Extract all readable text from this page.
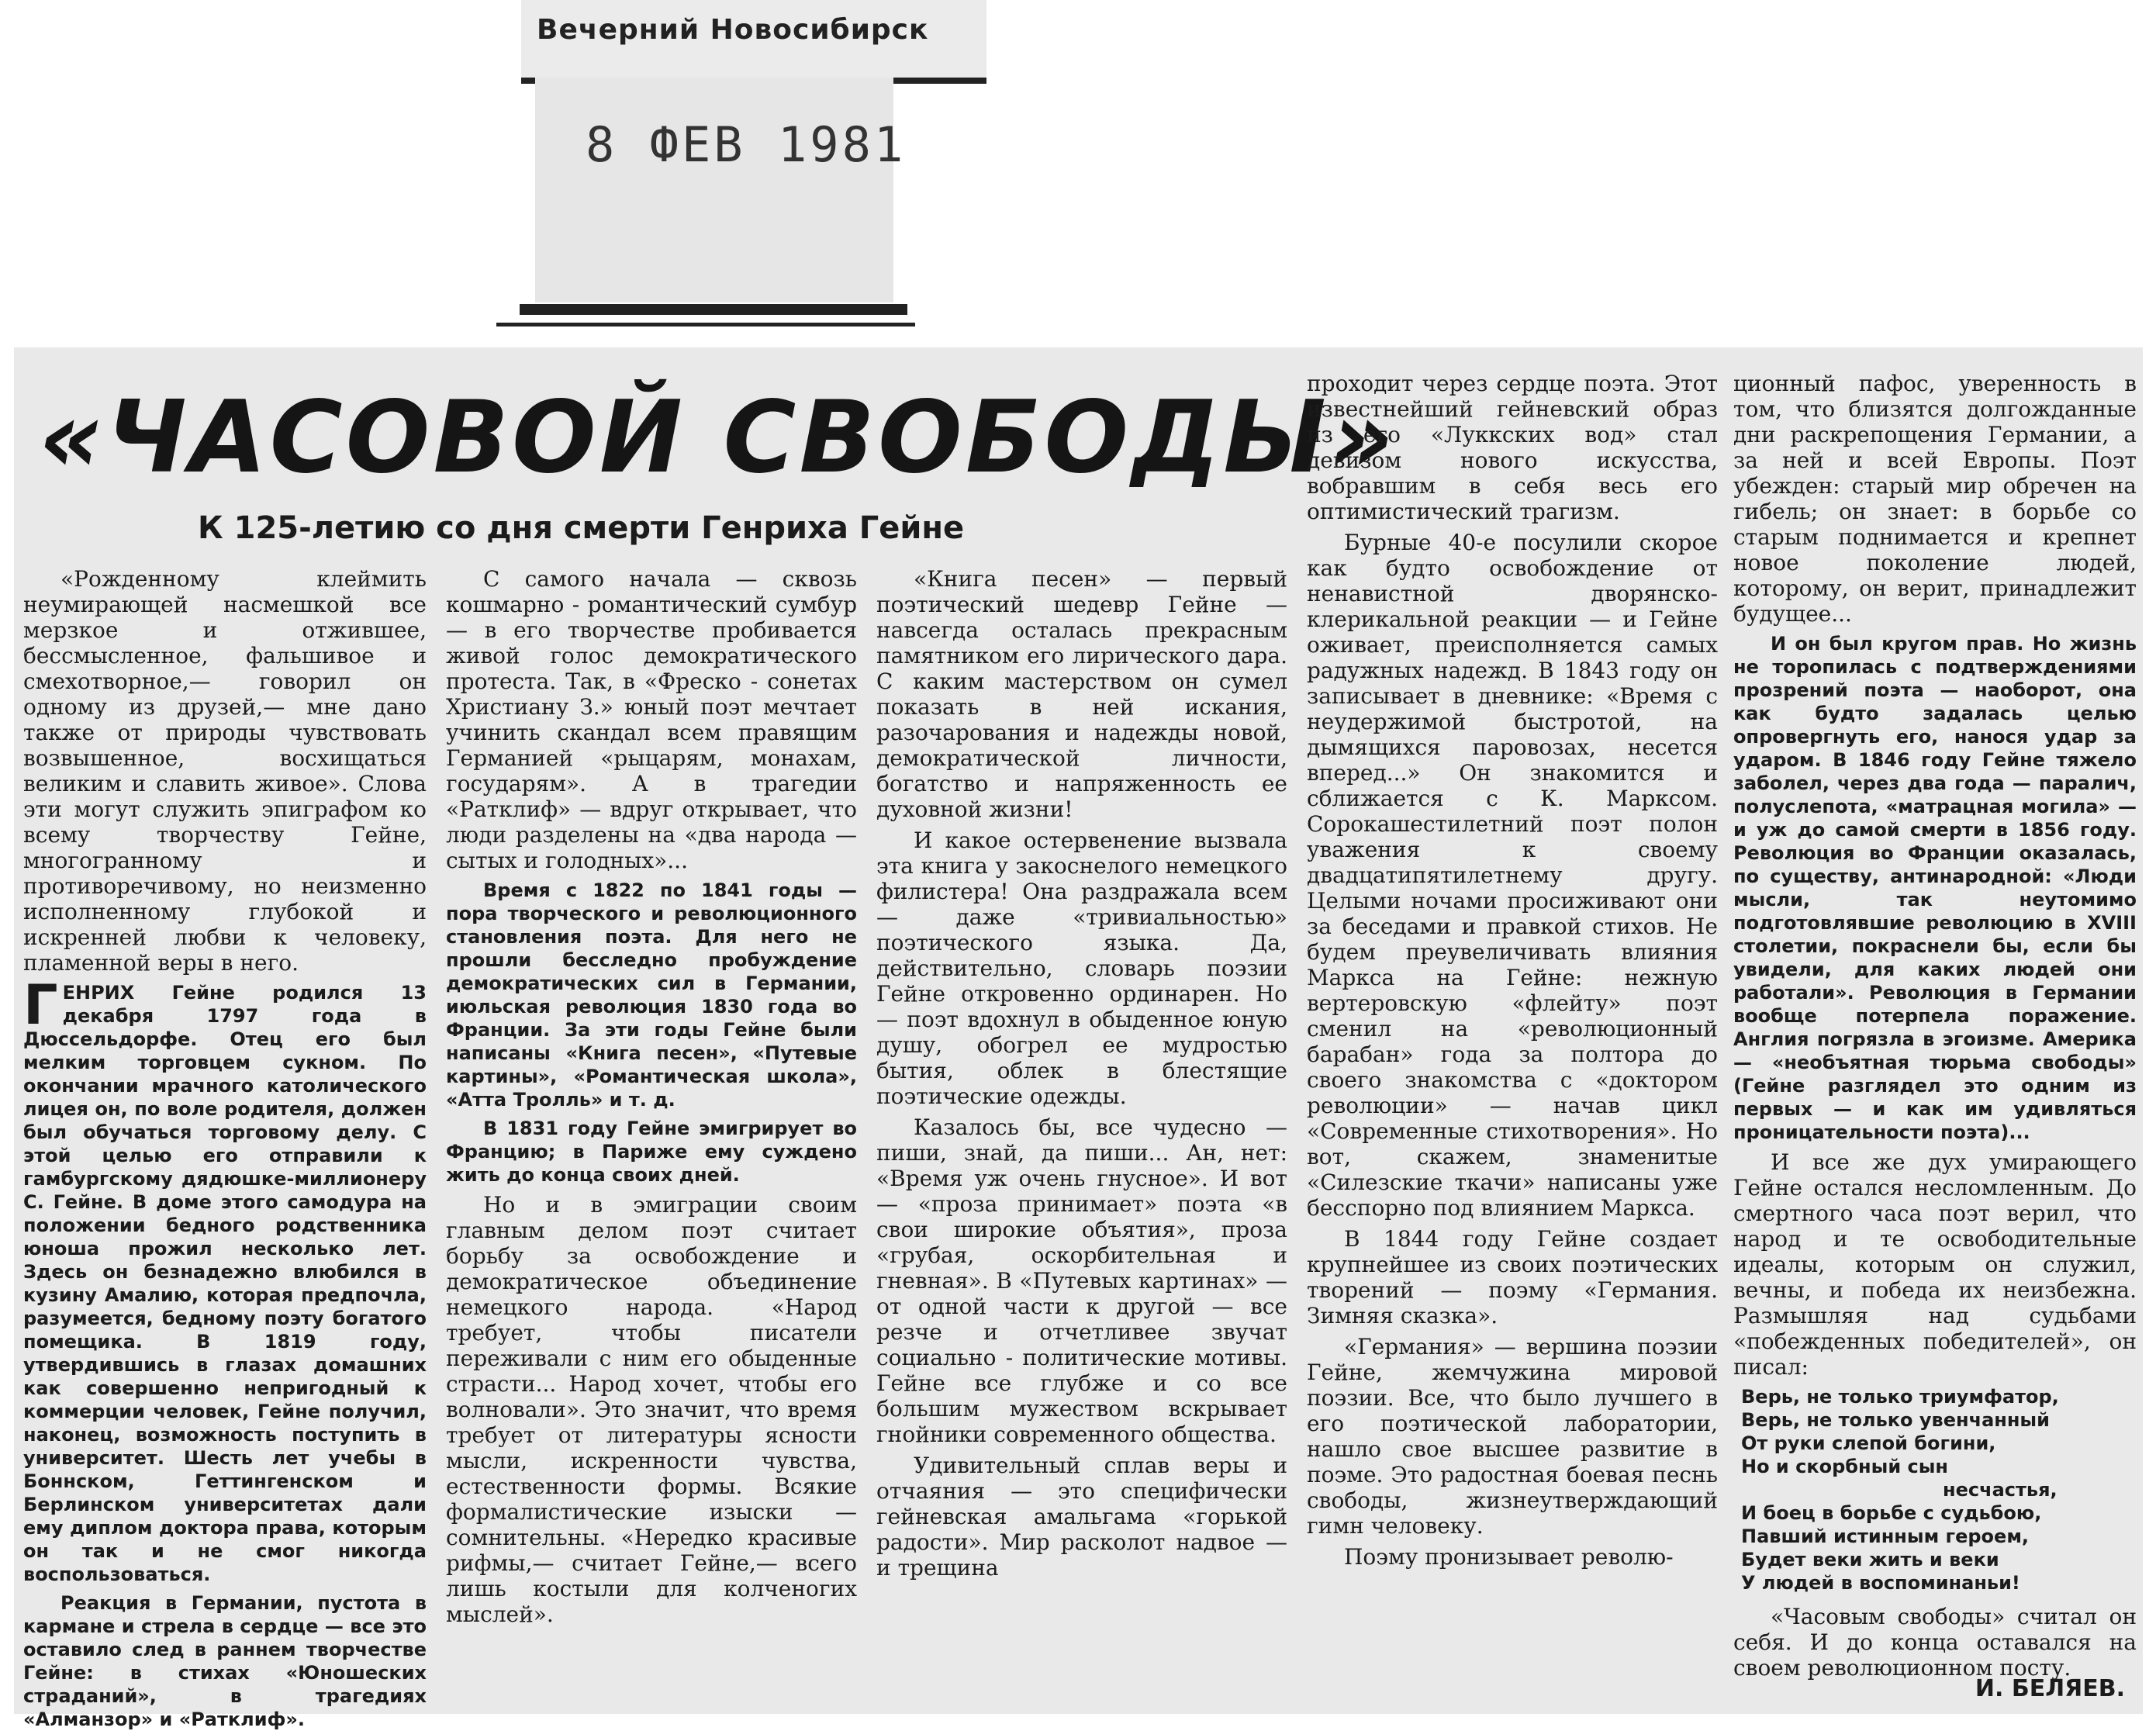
Вечерний Новосибирск
8 ФЕВ 1981
«ЧАСОВОЙ СВОБОДЫ»
К 125-летию со дня смерти Генриха Гейне

«Рожденному клеймить неумирающей насмешкой все мерзкое и отжившее, бессмысленное, фальшивое и смехотворное,— говорил он одному из друзей,— мне дано также от природы чувствовать возвышенное, восхищаться великим и славить живое». Слова эти могут служить эпиграфом ко всему творчеству Гейне, многогранному и противоречивому, но неизменно исполненному глубокой и искренней любви к человеку, пламенной веры в него.

ГЕНРИХ Гейне родился 13 декабря 1797 года в Дюссельдорфе. Отец его был мелким торговцем сукном. По окончании мрачного католического лицея он, по воле родителя, должен был обучаться торговому делу. С этой целью его отправили к гамбургскому дядюшке-миллионеру С. Гейне. В доме этого самодура на положении бедного родственника юноша прожил несколько лет. Здесь он безнадежно влюбился в кузину Амалию, которая предпочла, разумеется, бедному поэту богатого помещика. В 1819 году, утвердившись в глазах домашних как совершенно непригодный к коммерции человек, Гейне получил, наконец, возможность поступить в университет. Шесть лет учебы в Боннском, Геттингенском и Берлинском университетах дали ему диплом доктора права, которым он так и не смог никогда воспользоваться.

Реакция в Германии, пустота в кармане и стрела в сердце — все это оставило след в раннем творчестве Гейне: в стихах «Юношеских страданий», в трагедиях «Алманзор» и «Ратклиф».

С самого начала — сквозь кошмарно - романтический сумбур — в его творчестве пробивается живой голос демократического протеста. Так, в «Фреско - сонетах Христиану З.» юный поэт мечтает учинить скандал всем правящим Германией «рыцарям, монахам, государям». А в трагедии «Ратклиф» — вдруг открывает, что люди разделены на «два народа — сытых и голодных»...

Время с 1822 по 1841 годы — пора творческого и революционного становления поэта. Для него не прошли бесследно пробуждение демократических сил в Германии, июльская революция 1830 года во Франции. За эти годы Гейне были написаны «Книга песен», «Путевые картины», «Романтическая школа», «Атта Тролль» и т. д.

В 1831 году Гейне эмигрирует во Францию; в Париже ему суждено жить до конца своих дней.

Но и в эмиграции своим главным делом поэт считает борьбу за освобождение и демократическое объединение немецкого народа. «Народ требует, чтобы писатели переживали с ним его обыденные страсти... Народ хочет, чтобы его волновали». Это значит, что время требует от литературы ясности мысли, искренности чувства, естественности формы. Всякие формалистические изыски — сомнительны. «Нередко красивые рифмы,— считает Гейне,— всего лишь костыли для колченогих мыслей».

«Книга песен» — первый поэтический шедевр Гейне — навсегда осталась прекрасным памятником его лирического дара. С каким мастерством он сумел показать в ней искания, разочарования и надежды новой, демократической личности, богатство и напряженность ее духовной жизни!

И какое остервенение вызвала эта книга у закоснелого немецкого филистера! Она раздражала всем — даже «тривиальностью» поэтического языка. Да, действительно, словарь поэзии Гейне откровенно ординарен. Но — поэт вдохнул в обыденное юную душу, обогрел ее мудростью бытия, облек в блестящие поэтические одежды.

Казалось бы, все чудесно — пиши, знай, да пиши... Ан, нет: «Время уж очень гнусное». И вот — «проза принимает» поэта «в свои широкие объятия», проза «грубая, оскорбительная и гневная». В «Путевых картинах» — от одной части к другой — все резче и отчетливее звучат социально - политические мотивы. Гейне все глубже и со все большим мужеством вскрывает гнойники современного общества.

Удивительный сплав веры и отчаяния — это специфически гейневская амальгама «горькой радости». Мир расколот надвое — и трещина

проходит через сердце поэта. Этот известнейший гейневский образ из его «Луккских вод» стал девизом нового искусства, вобравшим в себя весь его оптимистический трагизм.

Бурные 40-е посулили скорое как будто освобождение от ненавистной дворянско-клерикальной реакции — и Гейне оживает, преисполняется самых радужных надежд. В 1843 году он записывает в дневнике: «Время с неудержимой быстротой, на дымящихся паровозах, несется вперед...» Он знакомится и сближается с К. Марксом. Сорокашестилетний поэт полон уважения к своему двадцатипятилетнему другу. Целыми ночами просиживают они за беседами и правкой стихов. Не будем преувеличивать влияния Маркса на Гейне: нежную вертеровскую «флейту» поэт сменил на «революционный барабан» года за полтора до своего знакомства с «доктором революции» — начав цикл «Современные стихотворения». Но вот, скажем, знаменитые «Силезские ткачи» написаны уже бесспорно под влиянием Маркса.

В 1844 году Гейне создает крупнейшее из своих поэтических творений — поэму «Германия. Зимняя сказка».

«Германия» — вершина поэзии Гейне, жемчужина мировой поэзии. Все, что было лучшего в его поэтической лаборатории, нашло свое высшее развитие в поэме. Это радостная боевая песнь свободы, жизнеутверждающий гимн человеку.

Поэму пронизывает револю-

ционный пафос, уверенность в том, что близятся долгожданные дни раскрепощения Германии, а за ней и всей Европы. Поэт убежден: старый мир обречен на гибель; он знает: в борьбе со старым поднимается и крепнет новое поколение людей, которому, он верит, принадлежит будущее...

И он был кругом прав. Но жизнь не торопилась с подтверждениями прозрений поэта — наоборот, она как будто задалась целью опровергнуть его, нанося удар за ударом. В 1846 году Гейне тяжело заболел, через два года — паралич, полуслепота, «матрацная могила» — и уж до самой смерти в 1856 году. Революция во Франции оказалась, по существу, антинародной: «Люди мысли, так неутомимо подготовлявшие революцию в XVIII столетии, покраснели бы, если бы увидели, для каких людей они работали». Революция в Германии вообще потерпела поражение. Англия погрязла в эгоизме. Америка — «необъятная тюрьма свободы» (Гейне разглядел это одним из первых — и как им удивляться проницательности поэта)...

И все же дух умирающего Гейне остался несломленным. До смертного часа поэт верил, что народ и те освободительные идеалы, которым он служил, вечны, и победа их неизбежна. Размышляя над судьбами «побежденных победителей», он писал:

Верь, не только триумфатор,
Верь, не только увенчанный
От руки слепой богини,
Но и скорбный сын
несчастья,
И боец в борьбе с судьбою,
Павший истинным героем,
Будет веки жить и веки
У людей в воспоминаньи!

«Часовым свободы» считал он себя. И до конца оставался на своем революционном посту.

И. БЕЛЯЕВ.
